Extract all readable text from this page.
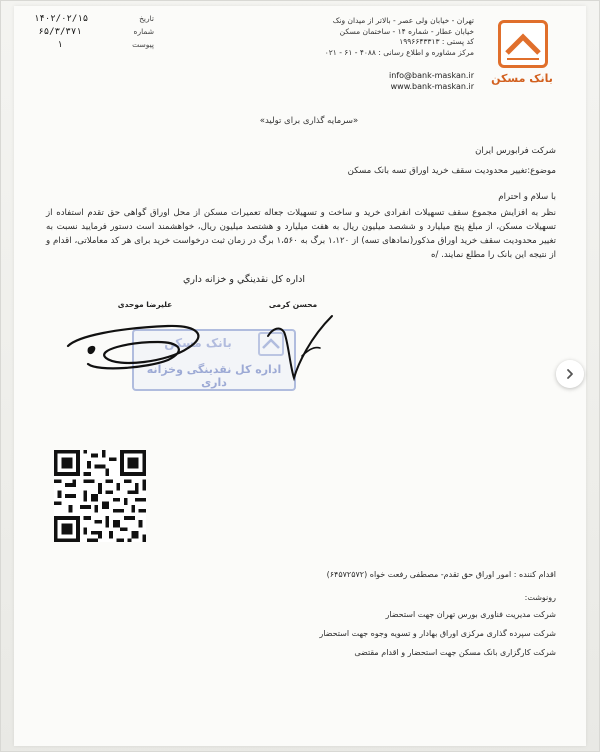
بانک مسکن
تهران - خیابان ولی عصر - بالاتر از میدان ونک
خیابان عطار - شماره ۱۴ - ساختمان مسکن
کد پستی : ۱۹۹۶۶۴۳۳۱۳
مرکز مشاوره و اطلاع رسانی : ۴۰۸۸ - ۶۱ - ۰۲۱
info@bank-maskan.ir
www.bank-maskan.ir
۱۴۰۲/۰۲/۱۵	تاریخ
۶۵/۳/۳۷۱	شماره
۱	پیوست
«سرمایه گذاری برای تولید»

شرکت فرابورس ایران

موضوع:تغییر محدودیت سقف خرید اوراق تسه بانک مسکن

با سلام و احترام

نظر به افزایش مجموع سقف تسهیلات انفرادی خرید و ساخت و تسهیلات جعاله تعمیرات مسکن از محل اوراق گواهی حق تقدم استفاده از تسهیلات مسکن، از مبلغ پنج میلیارد و ششصد میلیون ریال به هفت میلیارد و هشتصد میلیون ریال، خواهشمند است دستور فرمایید نسبت به تغییر محدودیت سقف خرید اوراق مذکور(نمادهای تسه) از ۱،۱۲۰ برگ به ۱،۵۶۰ برگ در زمان ثبت درخواست خرید برای هر کد معاملاتی، اقدام و از نتیجه این بانک را مطلع نمایند. /ه

اداره کل نقدینگي و خزانه داري
علیرضا موحدی	محسن کرمی
بانک مسکن
اداره کل نقدینگی وخزانه داری
اقدام کننده : امور اوراق حق تقدم- مصطفی رفعت خواه (۶۴۵۷۲۵۷۲)
رونوشت:
شرکت مدیریت فناوری بورس تهران جهت استحضار
شرکت سپرده گذاری مرکزی اوراق بهادار و تسویه وجوه جهت استحضار
شرکت کارگزاری بانک مسکن جهت استحضار و اقدام مقتضی
